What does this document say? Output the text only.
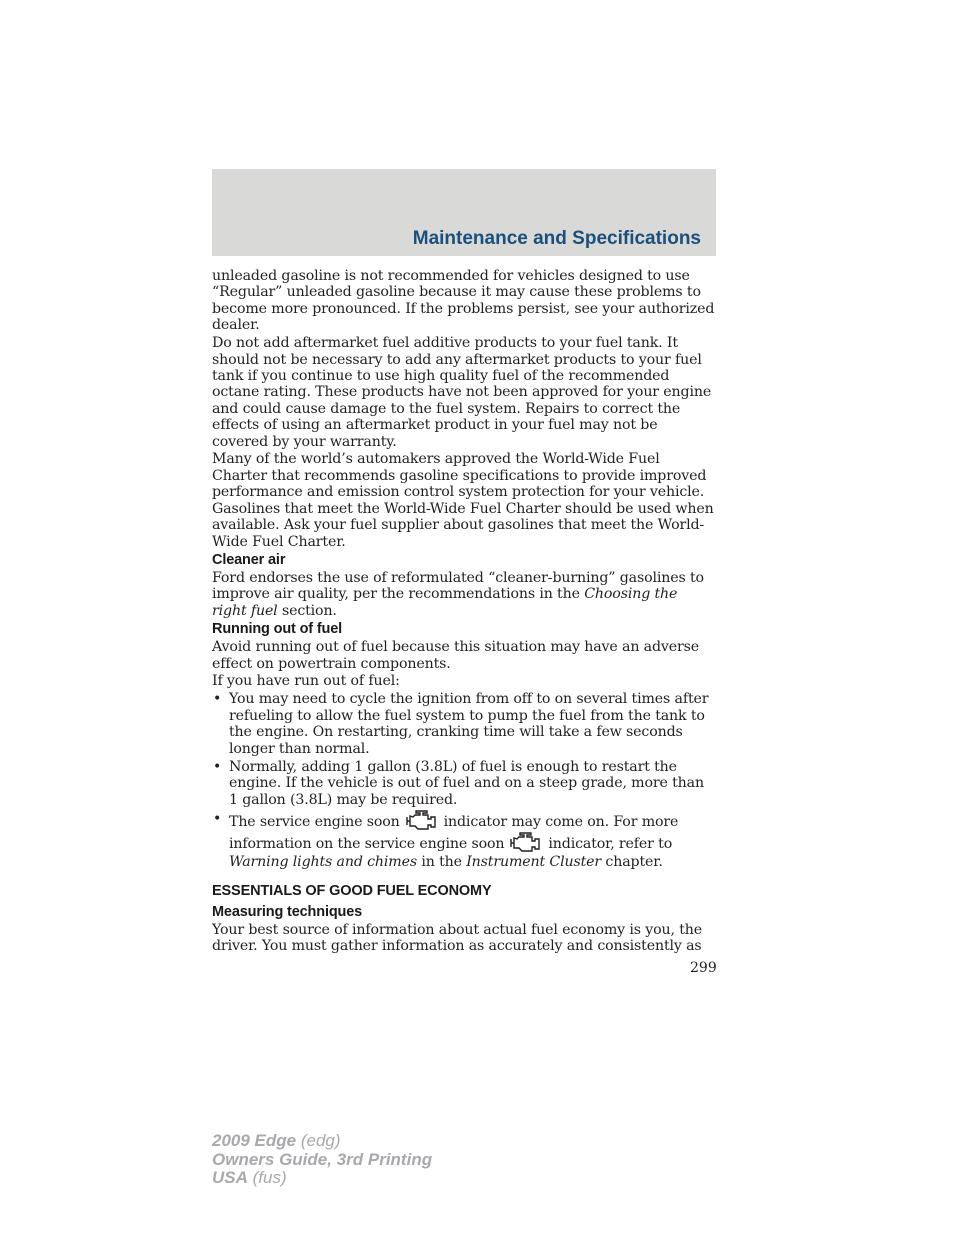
Maintenance and Specifications

unleaded gasoline is not recommended for vehicles designed to use “Regular” unleaded gasoline because it may cause these problems to become more pronounced. If the problems persist, see your authorized dealer.

Do not add aftermarket fuel additive products to your fuel tank. It should not be necessary to add any aftermarket products to your fuel tank if you continue to use high quality fuel of the recommended octane rating. These products have not been approved for your engine and could cause damage to the fuel system. Repairs to correct the effects of using an aftermarket product in your fuel may not be covered by your warranty.

Many of the world’s automakers approved the World-Wide Fuel Charter that recommends gasoline specifications to provide improved performance and emission control system protection for your vehicle. Gasolines that meet the World-Wide Fuel Charter should be used when available. Ask your fuel supplier about gasolines that meet the World-Wide Fuel Charter.

Cleaner air

Ford endorses the use of reformulated “cleaner-burning” gasolines to improve air quality, per the recommendations in the Choosing the right fuel section.

Running out of fuel

Avoid running out of fuel because this situation may have an adverse effect on powertrain components.

If you have run out of fuel:

• You may need to cycle the ignition from off to on several times after refueling to allow the fuel system to pump the fuel from the tank to the engine. On restarting, cranking time will take a few seconds longer than normal.
• Normally, adding 1 gallon (3.8L) of fuel is enough to restart the engine. If the vehicle is out of fuel and on a steep grade, more than 1 gallon (3.8L) may be required.
• The service engine soon	indicator may come on. For more information on the service engine soon	indicator, refer to Warning lights and chimes in the Instrument Cluster chapter.
ESSENTIALS OF GOOD FUEL ECONOMY
Measuring techniques

Your best source of information about actual fuel economy is you, the driver. You must gather information as accurately and consistently as

299
2009 Edge (edg)
Owners Guide, 3rd Printing
USA (fus)
